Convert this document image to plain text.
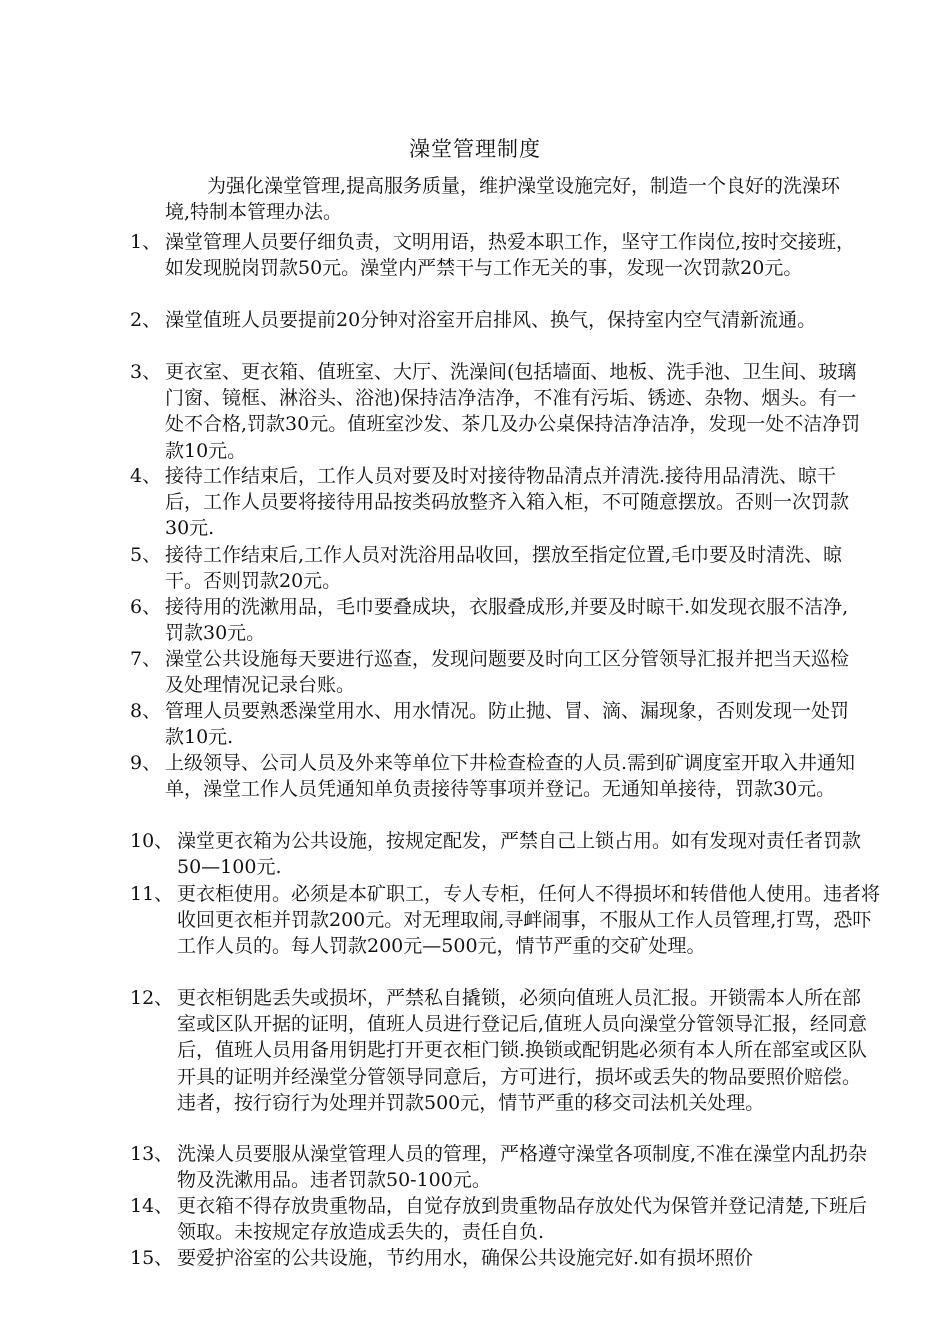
澡堂管理制度
为强化澡堂管理,提高服务质量，维护澡堂设施完好，制造一个良好的洗澡环境,特制本管理办法。
1、 澡堂管理人员要仔细负责，文明用语，热爱本职工作，坚守工作岗位,按时交接班，如发现脱岗罚款50元。澡堂内严禁干与工作无关的事，发现一次罚款20元。
2、 澡堂值班人员要提前20分钟对浴室开启排风、换气，保持室内空气清新流通。
3、 更衣室、更衣箱、值班室、大厅、洗澡间(包括墙面、地板、洗手池、卫生间、玻璃门窗、镜框、淋浴头、浴池)保持洁净洁净，不准有污垢、锈迹、杂物、烟头。有一处不合格,罚款30元。值班室沙发、茶几及办公桌保持洁净洁净，发现一处不洁净罚款10元。
4、 接待工作结束后，工作人员对要及时对接待物品清点并清洗.接待用品清洗、晾干后，工作人员要将接待用品按类码放整齐入箱入柜，不可随意摆放。否则一次罚款30元.
5、 接待工作结束后,工作人员对洗浴用品收回，摆放至指定位置,毛巾要及时清洗、晾干。否则罚款20元。
6、 接待用的洗漱用品，毛巾要叠成块，衣服叠成形,并要及时晾干.如发现衣服不洁净,罚款30元。
7、 澡堂公共设施每天要进行巡查，发现问题要及时向工区分管领导汇报并把当天巡检及处理情况记录台账。
8、 管理人员要熟悉澡堂用水、用水情况。防止抛、冒、滴、漏现象，否则发现一处罚款10元.
9、 上级领导、公司人员及外来等单位下井检查检查的人员.需到矿调度室开取入井通知单，澡堂工作人员凭通知单负责接待等事项并登记。无通知单接待，罚款30元。
10、 澡堂更衣箱为公共设施，按规定配发，严禁自己上锁占用。如有发现对责任者罚款50—100元.
11、 更衣柜使用。必须是本矿职工，专人专柜，任何人不得损坏和转借他人使用。违者将收回更衣柜并罚款200元。对无理取闹,寻衅闹事，不服从工作人员管理,打骂，恐吓工作人员的。每人罚款200元—500元，情节严重的交矿处理。
12、 更衣柜钥匙丢失或损坏，严禁私自撬锁，必须向值班人员汇报。开锁需本人所在部室或区队开据的证明，值班人员进行登记后,值班人员向澡堂分管领导汇报，经同意后，值班人员用备用钥匙打开更衣柜门锁.换锁或配钥匙必须有本人所在部室或区队开具的证明并经澡堂分管领导同意后，方可进行，损坏或丢失的物品要照价赔偿。违者，按行窃行为处理并罚款500元，情节严重的移交司法机关处理。
13、 洗澡人员要服从澡堂管理人员的管理，严格遵守澡堂各项制度,不准在澡堂内乱扔杂物及洗漱用品。违者罚款50-100元。
14、 更衣箱不得存放贵重物品，自觉存放到贵重物品存放处代为保管并登记清楚,下班后领取。未按规定存放造成丢失的，责任自负.
15、 要爱护浴室的公共设施，节约用水，确保公共设施完好.如有损坏照价
